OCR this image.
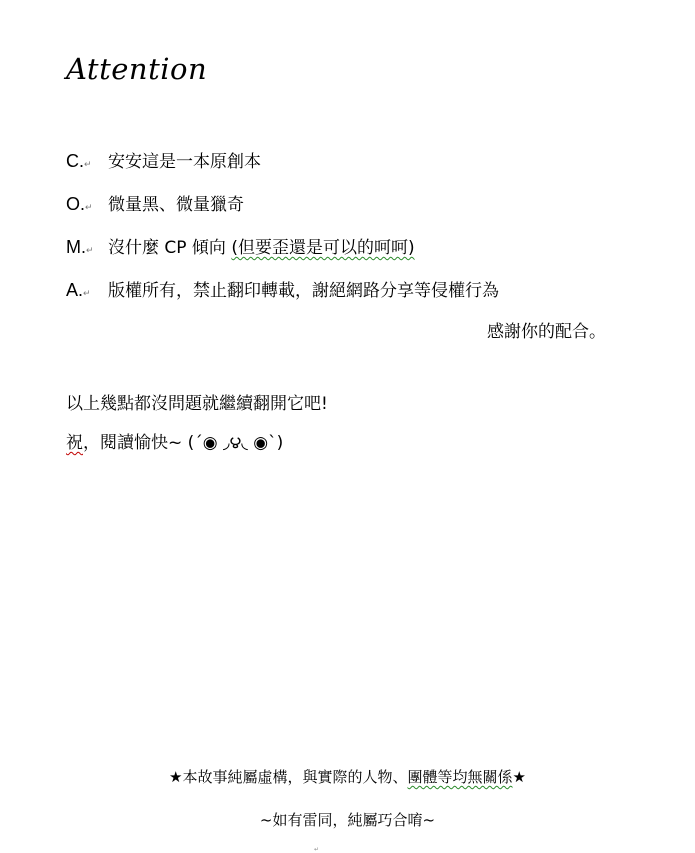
Attention
C.↵ 安安這是一本原創本
O.↵ 微量黑、微量獵奇
M.↵ 沒什麼 CP 傾向 (但要歪還是可以的呵呵)
A.↵ 版權所有，禁止翻印轉載，謝絕網路分享等侵權行為
感謝你的配合。
以上幾點都沒問題就繼續翻開它吧!
祝，閱讀愉快~ (´◉ ◞౪◟ ◉`)
★本故事純屬虛構，與實際的人物、團體等均無關係★
~如有雷同，純屬巧合唷~
↵
